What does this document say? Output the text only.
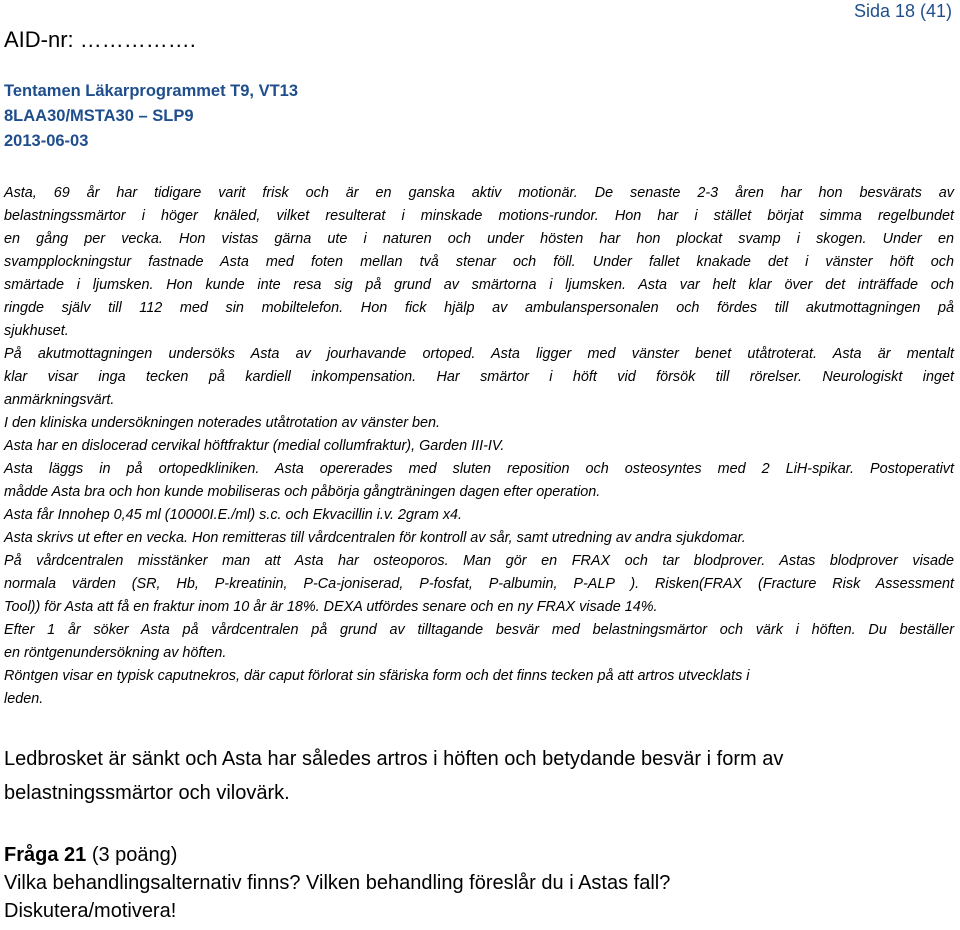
AID-nr: …………….
Sida 18 (41)
Tentamen Läkarprogrammet T9, VT13
8LAA30/MSTA30 – SLP9
2013-06-03
Asta, 69 år har tidigare varit frisk och är en ganska aktiv motionär. De senaste 2-3 åren har hon besvärats av
belastningssmärtor i höger knäled, vilket resulterat i minskade motions-rundor. Hon har i stället börjat simma regelbundet
en gång per vecka. Hon vistas gärna ute i naturen och under hösten har hon plockat svamp i skogen. Under en
svampplockningstur fastnade Asta med foten mellan två stenar och föll. Under fallet knakade det i vänster höft och
smärtade i ljumsken. Hon kunde inte resa sig på grund av smärtorna i ljumsken. Asta var helt klar över det inträffade och
ringde själv till 112 med sin mobiltelefon. Hon fick hjälp av ambulanspersonalen och fördes till akutmottagningen på
sjukhuset.
På akutmottagningen undersöks Asta av jourhavande ortoped. Asta ligger med vänster benet utåtroterat. Asta är mentalt
klar visar inga tecken på kardiell inkompensation. Har smärtor i höft vid försök till rörelser. Neurologiskt inget
anmärkningsvärt.
I den kliniska undersökningen noterades utåtrotation av vänster ben.
Asta har en dislocerad cervikal höftfraktur (medial collumfraktur), Garden III-IV.
Asta läggs in på ortopedkliniken. Asta opererades med sluten reposition och osteosyntes med 2 LiH-spikar. Postoperativt
mådde Asta bra och hon kunde mobiliseras och påbörja gångträningen dagen efter operation.
Asta får Innohep 0,45 ml (10000I.E./ml) s.c. och Ekvacillin i.v. 2gram x4.
Asta skrivs ut efter en vecka. Hon remitteras till vårdcentralen för kontroll av sår, samt utredning av andra sjukdomar.
På vårdcentralen misstänker man att Asta har osteoporos. Man gör en FRAX och tar blodprover. Astas blodprover visade
normala värden (SR, Hb, P-kreatinin, P-Ca-joniserad, P-fosfat, P-albumin, P-ALP ). Risken(FRAX (Fracture Risk Assessment
Tool)) för Asta att få en fraktur inom 10 år är 18%. DEXA utfördes senare och en ny FRAX visade 14%.
Efter 1 år söker Asta på vårdcentralen på grund av tilltagande besvär med belastningsmärtor och värk i höften. Du beställer
en röntgenundersökning av höften.
Röntgen visar en typisk caputnekros, där caput förlorat sin sfäriska form och det finns tecken på att artros utvecklats i
leden.
Ledbrosket är sänkt och Asta har således artros i höften och betydande besvär i form av
belastningssmärtor och vilovärk.
Fråga 21 (3 poäng)
Vilka behandlingsalternativ finns? Vilken behandling föreslår du i Astas fall?
Diskutera/motivera!
